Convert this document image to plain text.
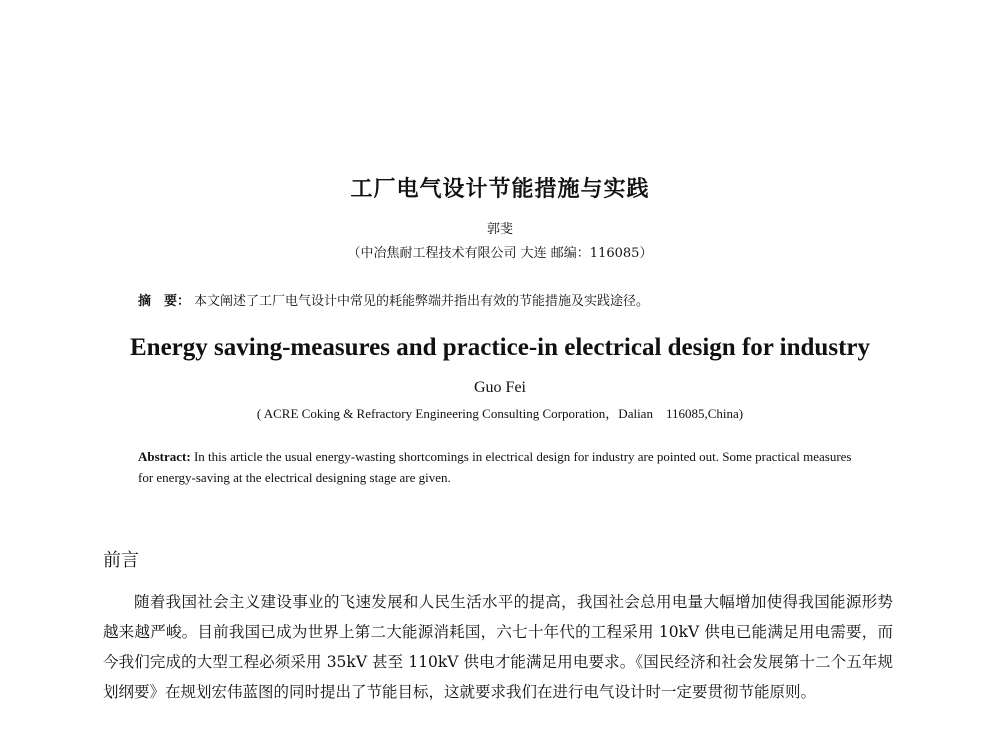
工厂电气设计节能措施与实践
郭斐
（中冶焦耐工程技术有限公司 大连 邮编：116085）
摘　要： 本文阐述了工厂电气设计中常见的耗能弊端并指出有效的节能措施及实践途径。
Energy saving-measures and practice-in electrical design for industry
Guo Fei
( ACRE Coking & Refractory Engineering Consulting Corporation，Dalian　116085,China)
Abstract: In this article the usual energy-wasting shortcomings in electrical design for industry are pointed out. Some practical measures for energy-saving at the electrical designing stage are given.
前言
随着我国社会主义建设事业的飞速发展和人民生活水平的提高，我国社会总用电量大幅增加使得我国能源形势越来越严峻。目前我国已成为世界上第二大能源消耗国，六七十年代的工程采用 10kV 供电已能满足用电需要，而今我们完成的大型工程必须采用 35kV 甚至 110kV 供电才能满足用电要求。《国民经济和社会发展第十二个五年规划纲要》在规划宏伟蓝图的同时提出了节能目标，这就要求我们在进行电气设计时一定要贯彻节能原则。
